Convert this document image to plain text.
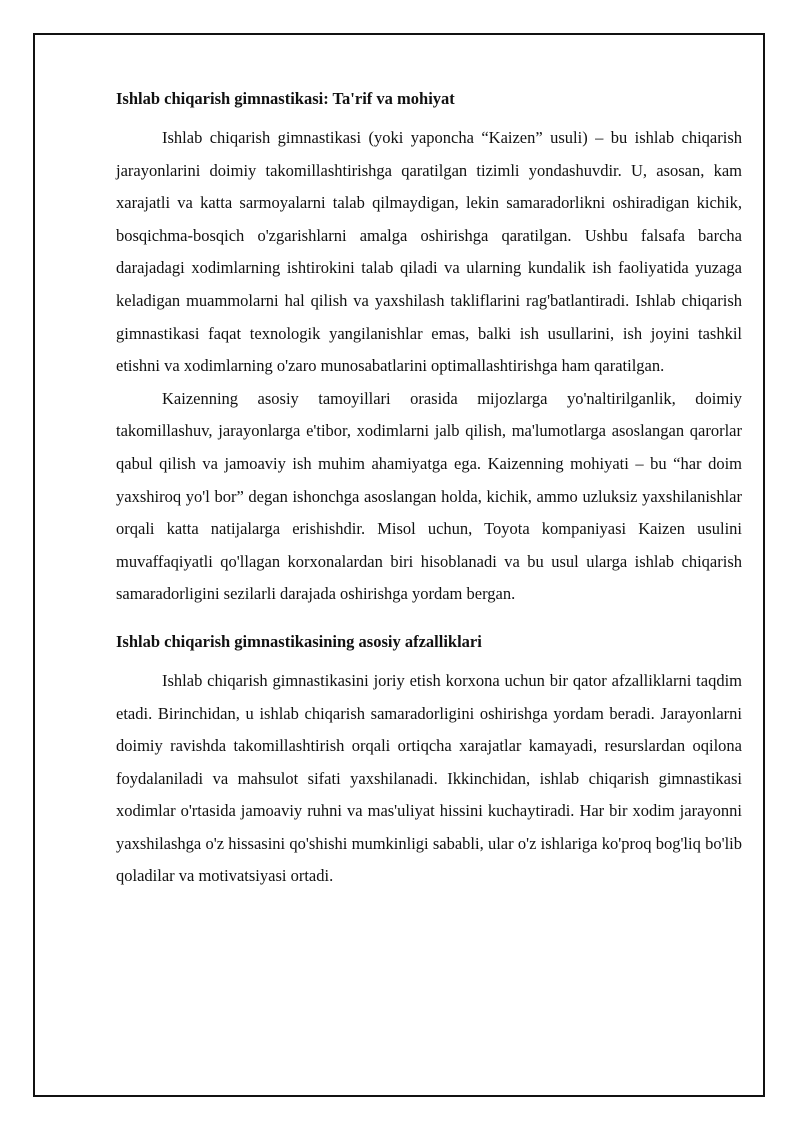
Ishlab chiqarish gimnastikasi: Ta'rif va mohiyat

Ishlab chiqarish gimnastikasi (yoki yaponcha “Kaizen” usuli) – bu ishlab chiqarish jarayonlarini doimiy takomillashtirishga qaratilgan tizimli yondashuvdir. U, asosan, kam xarajatli va katta sarmoyalarni talab qilmaydigan, lekin samaradorlikni oshiradigan kichik, bosqichma-bosqich o'zgarishlarni amalga oshirishga qaratilgan. Ushbu falsafa barcha darajadagi xodimlarning ishtirokini talab qiladi va ularning kundalik ish faoliyatida yuzaga keladigan muammolarni hal qilish va yaxshilash takliflarini rag'batlantiradi. Ishlab chiqarish gimnastikasi faqat texnologik yangilanishlar emas, balki ish usullarini, ish joyini tashkil etishni va xodimlarning o'zaro munosabatlarini optimallashtirishga ham qaratilgan.

Kaizenning asosiy tamoyillari orasida mijozlarga yo'naltirilganlik, doimiy takomillashuv, jarayonlarga e'tibor, xodimlarni jalb qilish, ma'lumotlarga asoslangan qarorlar qabul qilish va jamoaviy ish muhim ahamiyatga ega. Kaizenning mohiyati – bu “har doim yaxshiroq yo'l bor” degan ishonchga asoslangan holda, kichik, ammo uzluksiz yaxshilanishlar orqali katta natijalarga erishishdir. Misol uchun, Toyota kompaniyasi Kaizen usulini muvaffaqiyatli qo'llagan korxonalardan biri hisoblanadi va bu usul ularga ishlab chiqarish samaradorligini sezilarli darajada oshirishga yordam bergan.

Ishlab chiqarish gimnastikasining asosiy afzalliklari

Ishlab chiqarish gimnastikasini joriy etish korxona uchun bir qator afzalliklarni taqdim etadi. Birinchidan, u ishlab chiqarish samaradorligini oshirishga yordam beradi. Jarayonlarni doimiy ravishda takomillashtirish orqali ortiqcha xarajatlar kamayadi, resurslardan oqilona foydalaniladi va mahsulot sifati yaxshilanadi. Ikkinchidan, ishlab chiqarish gimnastikasi xodimlar o'rtasida jamoaviy ruhni va mas'uliyat hissini kuchaytiradi. Har bir xodim jarayonni yaxshilashga o'z hissasini qo'shishi mumkinligi sababli, ular o'z ishlariga ko'proq bog'liq bo'lib qoladilar va motivatsiyasi ortadi.
